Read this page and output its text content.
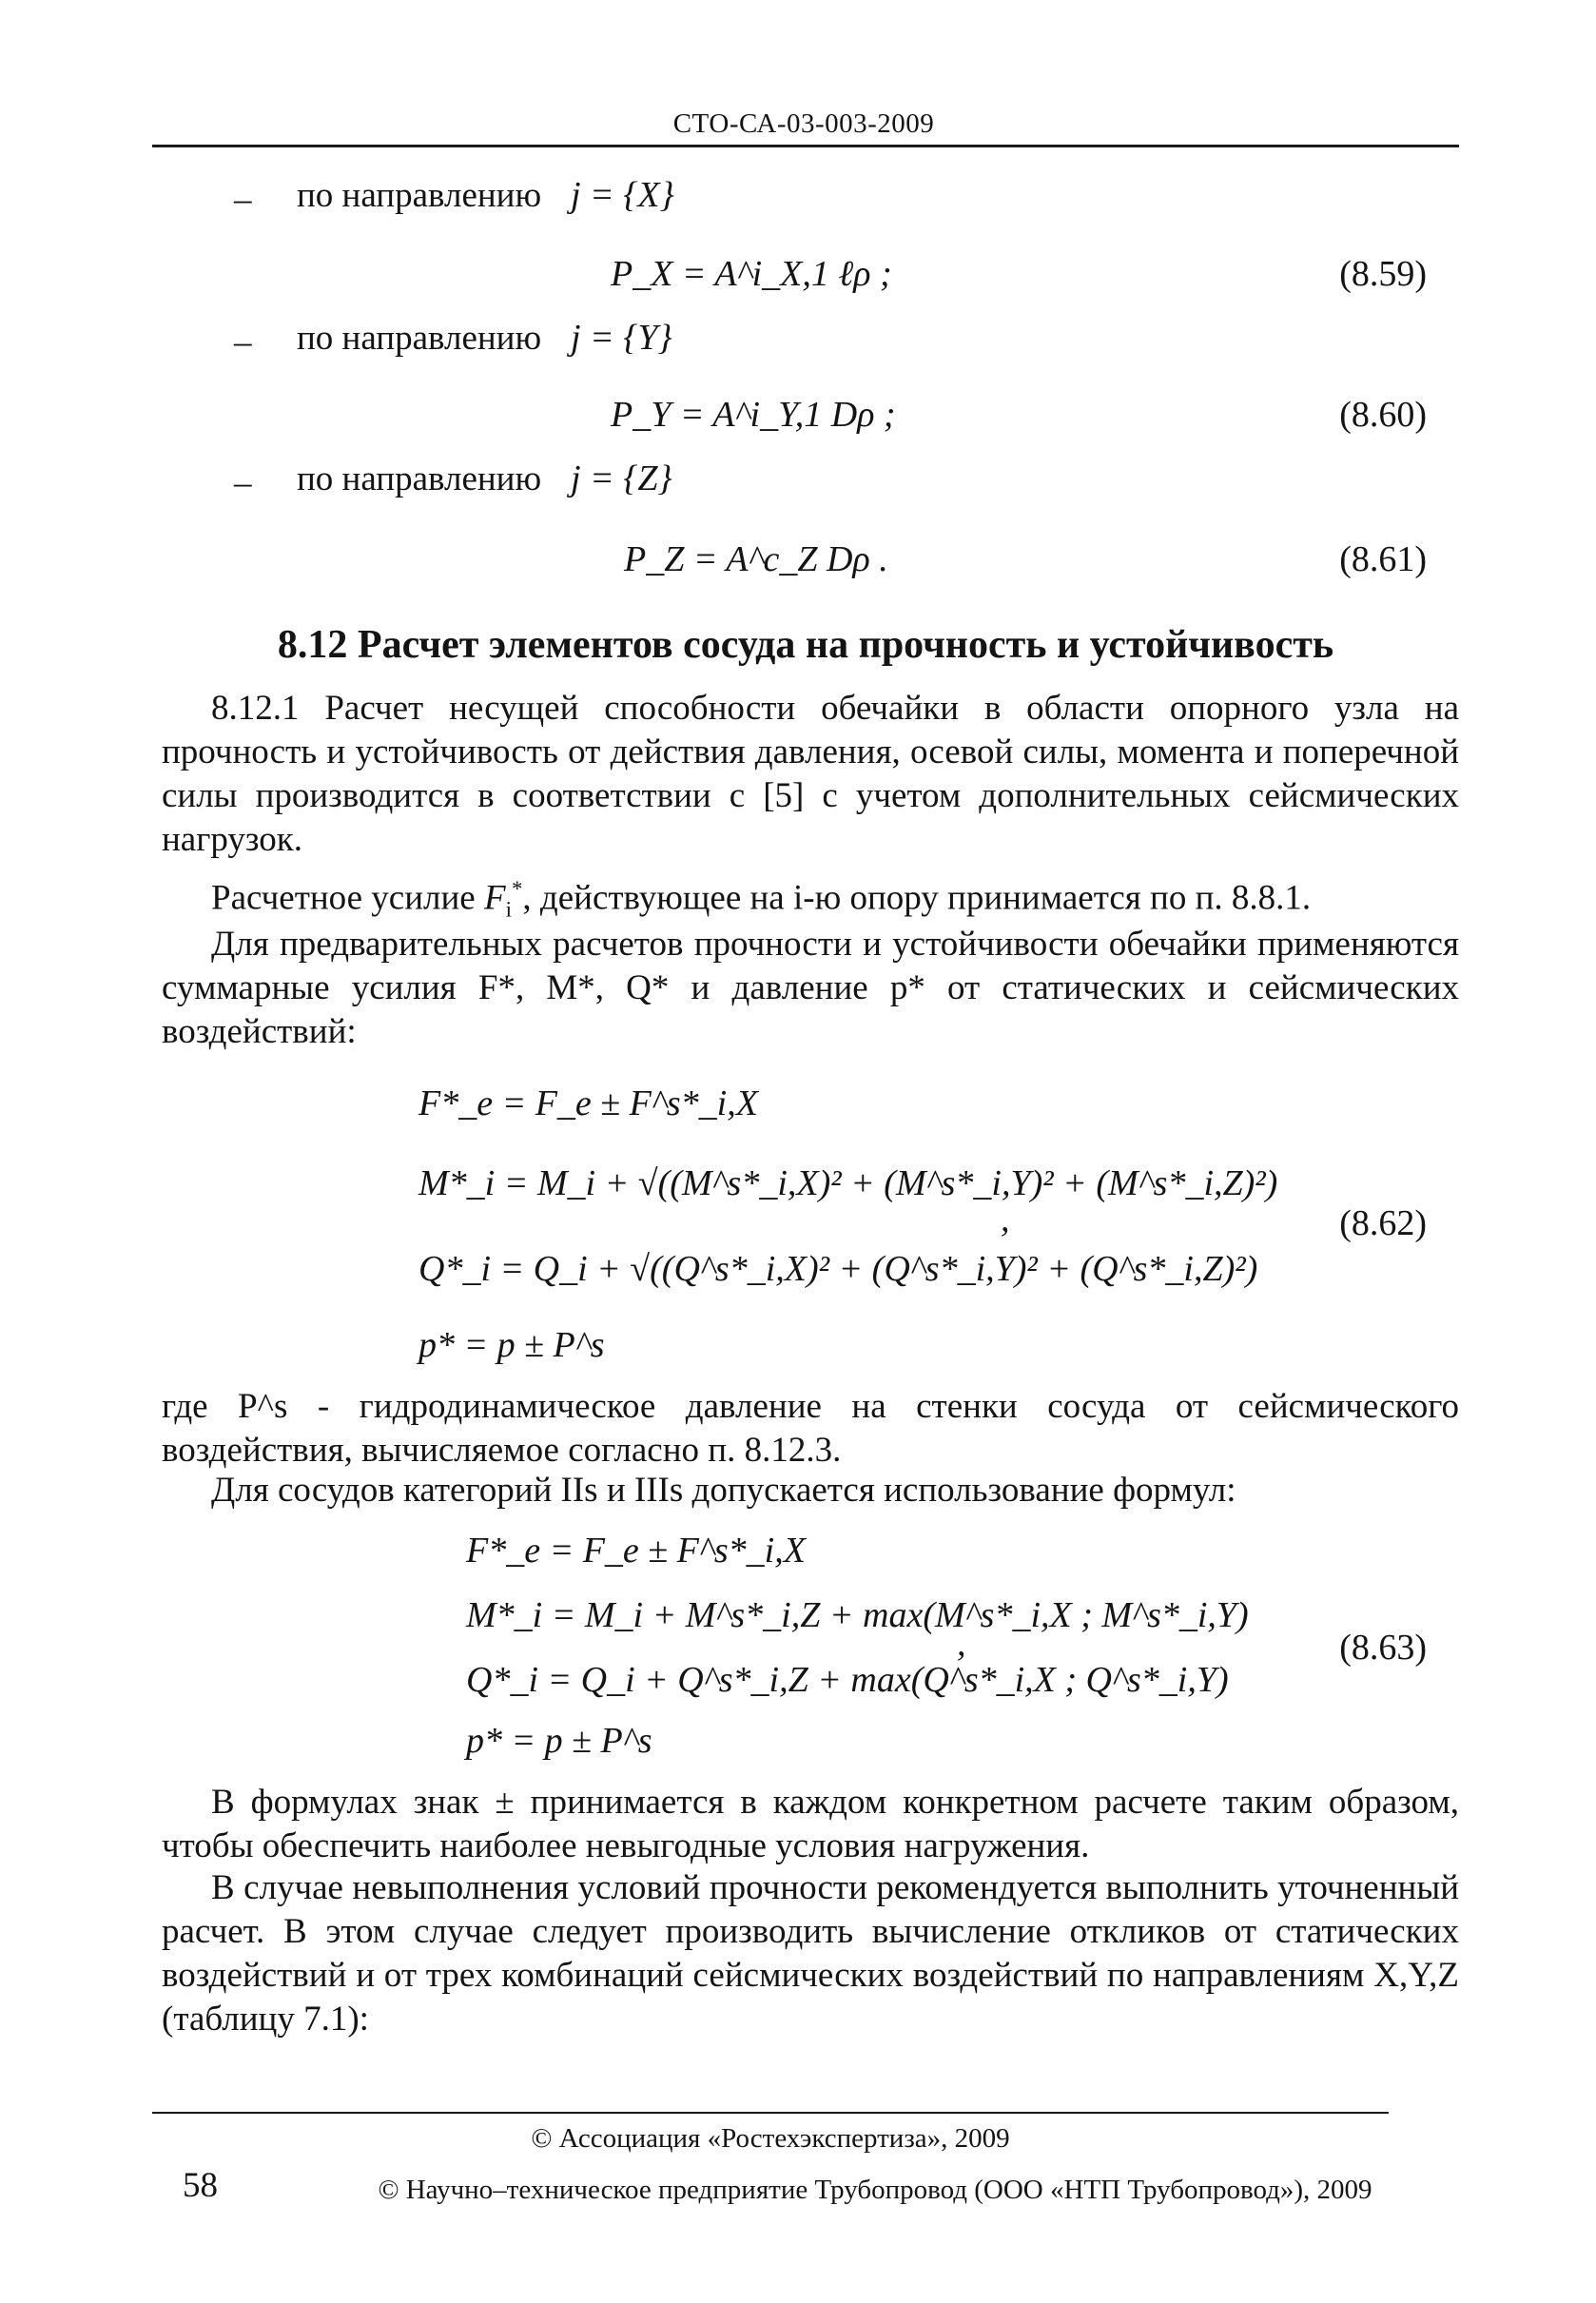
СТО-СА-03-003-2009
– по направлению j = {X}
P_X = A^i_X,1 ℓρ ;	(8.59)
– по направлению j = {Y}
P_Y = A^i_Y,1 Dρ ;	(8.60)
– по направлению j = {Z}
P_Z = A^c_Z Dρ .	(8.61)
8.12 Расчет элементов сосуда на прочность и устойчивость
8.12.1 Расчет несущей способности обечайки в области опорного узла на прочность и устойчивость от действия давления, осевой силы, момента и поперечной силы производится в соответствии с [5] с учетом дополнительных сейсмических нагрузок.
Расчетное усилие $F_i^*$, действующее на i-ю опору принимается по п. 8.8.1.
Для предварительных расчетов прочности и устойчивости обечайки применяются суммарные усилия F*, M*, Q* и давление p* от статических и сейсмических воздействий:
F*_e = F_e ± F^s*_i,X
M*_i = M_i + √((M^s*_i,X)² + (M^s*_i,Y)² + (M^s*_i,Z)²)
Q*_i = Q_i + √((Q^s*_i,X)² + (Q^s*_i,Y)² + (Q^s*_i,Z)²)
p* = p ± P^s
,	(8.62)
где P^s - гидродинамическое давление на стенки сосуда от сейсмического воздействия, вычисляемое согласно п. 8.12.3.
Для сосудов категорий IIs и IIIs допускается использование формул:
F*_e = F_e ± F^s*_i,X
M*_i = M_i + M^s*_i,Z + max(M^s*_i,X ; M^s*_i,Y)
Q*_i = Q_i + Q^s*_i,Z + max(Q^s*_i,X ; Q^s*_i,Y)
p* = p ± P^s
,	(8.63)
В формулах знак ± принимается в каждом конкретном расчете таким образом, чтобы обеспечить наиболее невыгодные условия нагружения.
В случае невыполнения условий прочности рекомендуется выполнить уточненный расчет. В этом случае следует производить вычисление откликов от статических воздействий и от трех комбинаций сейсмических воздействий по направлениям X,Y,Z (таблицу 7.1):
© Ассоциация «Ростехэкспертиза», 2009
58	© Научно–техническое предприятие Трубопровод (ООО «НТП Трубопровод»), 2009
